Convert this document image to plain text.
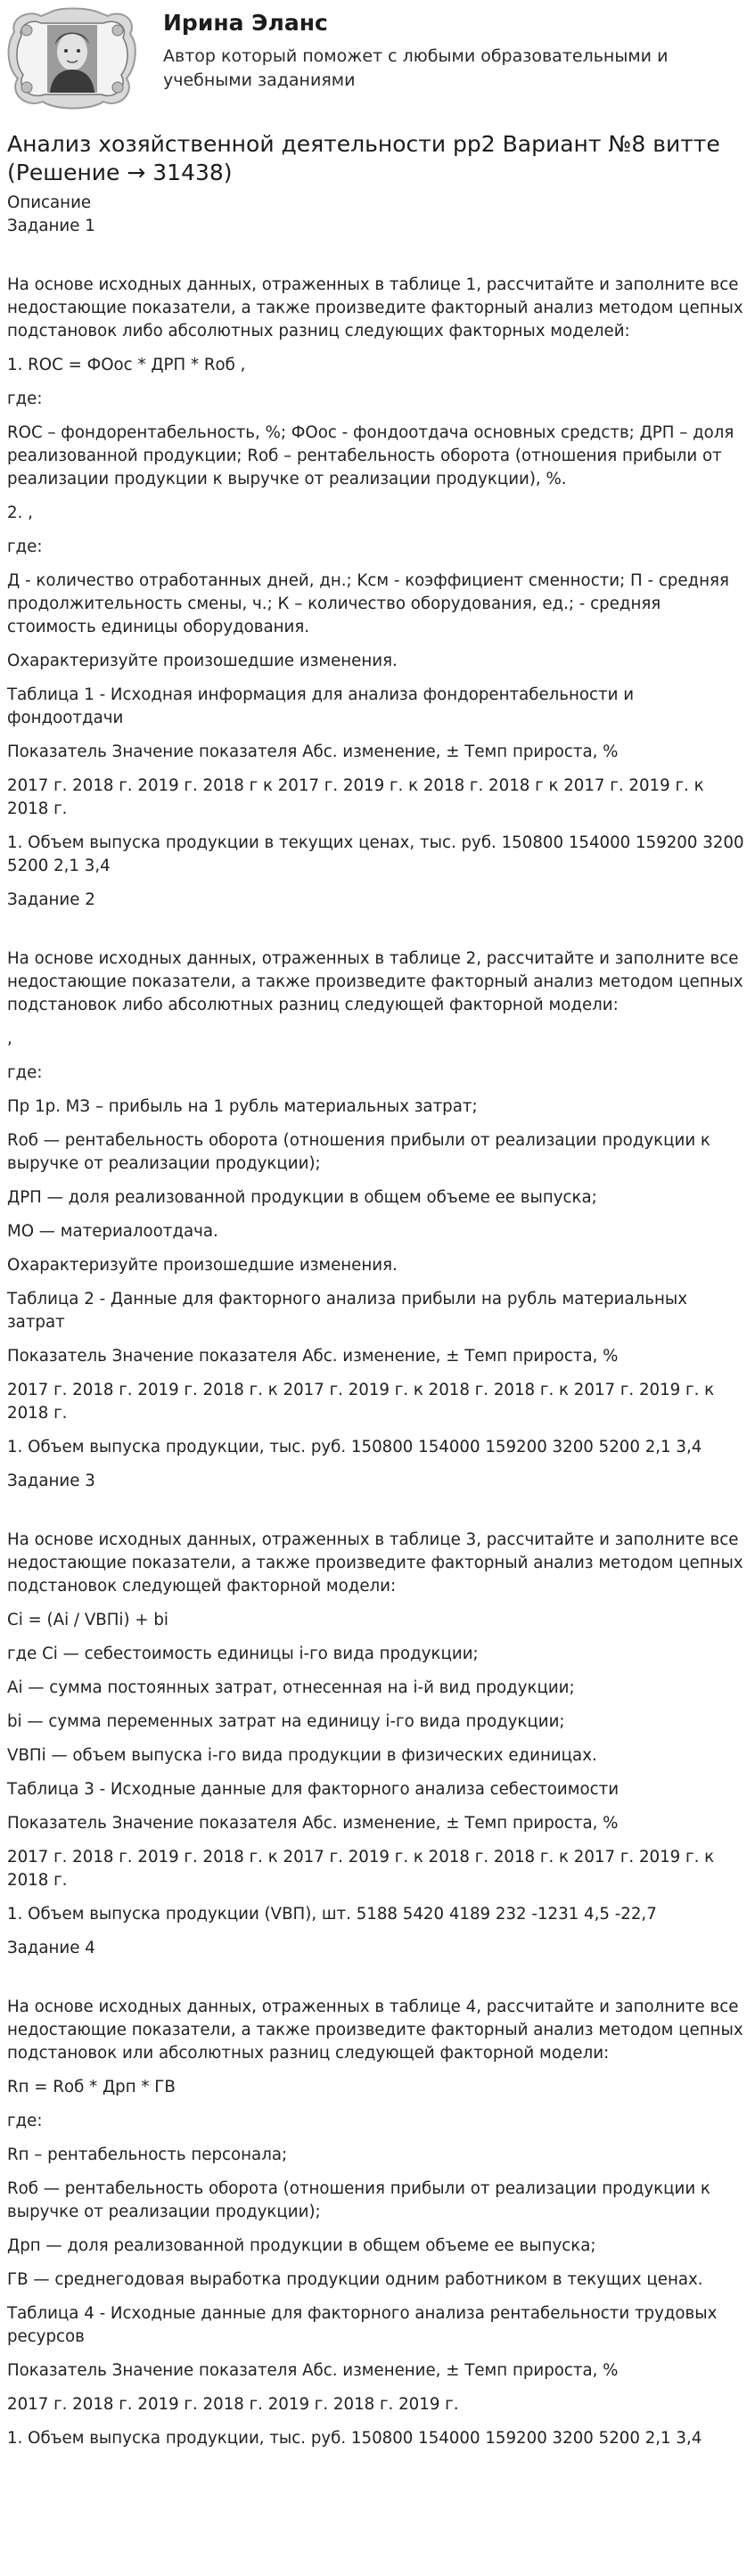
Ирина Эланс
Автор который поможет с любыми образовательными и учебными заданиями
Анализ хозяйственной деятельности рр2 Вариант №8 витте (Решение → 31438)

Описание

Задание 1

На основе исходных данных, отраженных в таблице 1, рассчитайте и заполните все недостающие показатели, а также произведите факторный анализ методом цепных подстановок либо абсолютных разниц следующих факторных моделей:

1. ROC = ФОос * ДРП * Rоб ,

где:

ROC – фондорентабельность, %; ФОос - фондоотдача основных средств; ДРП – доля реализованной продукции; Rоб – рентабельность оборота (отношения прибыли от реализации продукции к выручке от реализации продукции), %.

2. ,

где:

Д - количество отработанных дней, дн.; Kсм - коэффициент сменности; П - средняя продолжительность смены, ч.; К – количество оборудования, ед.; - средняя стоимость единицы оборудования.

Охарактеризуйте произошедшие изменения.

Таблица 1 - Исходная информация для анализа фондорентабельности и фондоотдачи

Показатель Значение показателя Абс. изменение, ± Темп прироста, %

2017 г. 2018 г. 2019 г. 2018 г к 2017 г. 2019 г. к 2018 г. 2018 г к 2017 г. 2019 г. к 2018 г.

1. Объем выпуска продукции в текущих ценах, тыс. руб. 150800 154000 159200 3200 5200 2,1 3,4

Задание 2

На основе исходных данных, отраженных в таблице 2, рассчитайте и заполните все недостающие показатели, а также произведите факторный анализ методом цепных подстановок либо абсолютных разниц следующей факторной модели:

,

где:

Пр 1р. МЗ – прибыль на 1 рубль материальных затрат;

Rоб — рентабельность оборота (отношения прибыли от реализации продукции к выручке от реализации продукции);

ДРП — доля реализованной продукции в общем объеме ее выпуска;

МО — материалоотдача.

Охарактеризуйте произошедшие изменения.

Таблица 2 - Данные для факторного анализа прибыли на рубль материальных затрат

Показатель Значение показателя Абс. изменение, ± Темп прироста, %

2017 г. 2018 г. 2019 г. 2018 г. к 2017 г. 2019 г. к 2018 г. 2018 г. к 2017 г. 2019 г. к 2018 г.

1. Объем выпуска продукции, тыс. руб. 150800 154000 159200 3200 5200 2,1 3,4

Задание 3

На основе исходных данных, отраженных в таблице 3, рассчитайте и заполните все недостающие показатели, а также произведите факторный анализ методом цепных подстановок следующей факторной модели:

Ci = (Ai / VВПi) + bi

где Ci — себестоимость единицы i-го вида продукции;

Ai — сумма постоянных затрат, отнесенная на i-й вид продукции;

bi — сумма переменных затрат на единицу i-го вида продукции;

VВПi — объем выпуска i-го вида продукции в физических единицах.

Таблица 3 - Исходные данные для факторного анализа себестоимости

Показатель Значение показателя Абс. изменение, ± Темп прироста, %

2017 г. 2018 г. 2019 г. 2018 г. к 2017 г. 2019 г. к 2018 г. 2018 г. к 2017 г. 2019 г. к 2018 г.

1. Объем выпуска продукции (VВП), шт. 5188 5420 4189 232 -1231 4,5 -22,7

Задание 4

На основе исходных данных, отраженных в таблице 4, рассчитайте и заполните все недостающие показатели, а также произведите факторный анализ методом цепных подстановок или абсолютных разниц следующей факторной модели:

Rп = Rоб * Дрп * ГВ

где:

Rп – рентабельность персонала;

Rоб — рентабельность оборота (отношения прибыли от реализации продукции к выручке от реализации продукции);

Дрп — доля реализованной продукции в общем объеме ее выпуска;

ГВ — среднегодовая выработка продукции одним работником в текущих ценах.

Таблица 4 - Исходные данные для факторного анализа рентабельности трудовых ресурсов

Показатель Значение показателя Абс. изменение, ± Темп прироста, %

2017 г. 2018 г. 2019 г. 2018 г. 2019 г. 2018 г. 2019 г.

1. Объем выпуска продукции, тыс. руб. 150800 154000 159200 3200 5200 2,1 3,4
